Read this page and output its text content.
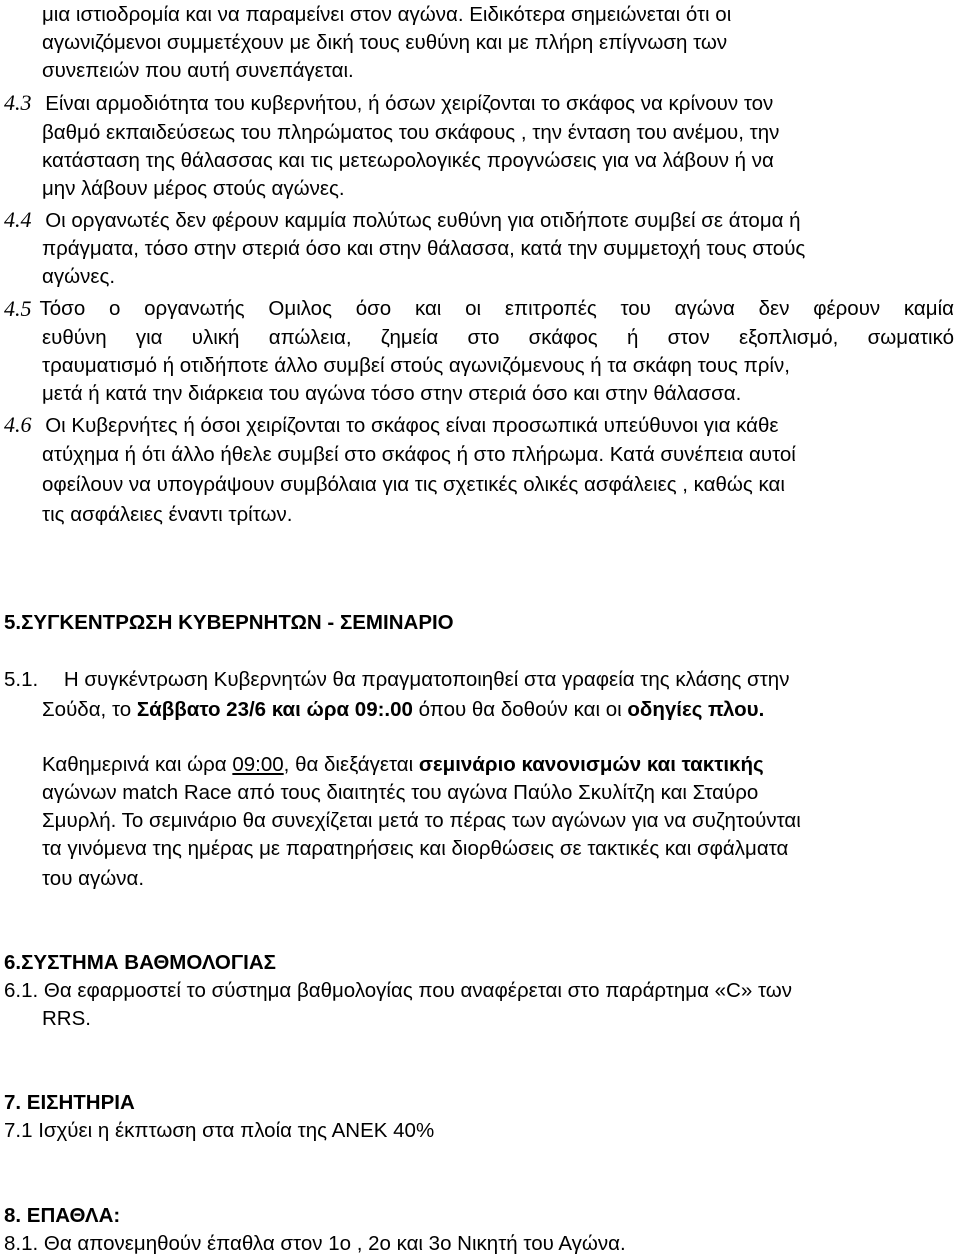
μια ιστιοδρομία και να παραμείνει στον αγώνα. Ειδικότερα σημειώνεται ότι οι
αγωνιζόμενοι συμμετέχουν με δική τους ευθύνη και με πλήρη επίγνωση των
συνεπειών που αυτή συνεπάγεται.
4.3 Είναι αρμοδιότητα του κυβερνήτου, ή όσων χειρίζονται το σκάφος να κρίνουν τον
βαθμό εκπαιδεύσεως του πληρώματος του σκάφους , την ένταση του ανέμου, την
κατάσταση της θάλασσας και τις μετεωρολογικές προγνώσεις για να λάβουν ή να
μην λάβουν μέρος στούς αγώνες.
4.4 Οι οργανωτές δεν φέρουν καμμία πολύτως ευθύνη για οτιδήποτε συμβεί σε άτομα ή
πράγματα, τόσο στην στεριά όσο και στην θάλασσα, κατά την συμμετοχή τους στούς
αγώνες.
4.5 Τόσο ο οργανωτής Ομιλος όσο και οι επιτροπές του αγώνα δεν φέρουν καμία
ευθύνη για υλική απώλεια, ζημεία στο σκάφος ή στον εξοπλισμό, σωματικό
τραυματισμό ή οτιδήποτε άλλο συμβεί στούς αγωνιζόμενους ή τα σκάφη τους πρίν,
μετά ή κατά την διάρκεια του αγώνα τόσο στην στεριά όσο και στην θάλασσα.
4.6 Οι Κυβερνήτες ή όσοι χειρίζονται το σκάφος είναι προσωπικά υπεύθυνοι για κάθε
ατύχημα ή ότι άλλο ήθελε συμβεί στο σκάφος ή στο πλήρωμα. Κατά συνέπεια αυτοί
οφείλουν να υπογράψουν συμβόλαια για τις σχετικές ολικές ασφάλειες , καθώς και
τις ασφάλειες έναντι τρίτων.
5.ΣΥΓΚΕΝΤΡΩΣΗ ΚΥΒΕΡΝΗΤΩΝ - ΣΕΜΙΝΑΡΙΟ
5.1. Η συγκέντρωση Κυβερνητών θα πραγματοποιηθεί στα γραφεία της κλάσης στην
Σούδα, το Σάββατο 23/6 και ώρα 09:.00 όπου θα δοθούν και οι οδηγίες πλου.
Καθημερινά και ώρα 09:00, θα διεξάγεται σεμινάριο κανονισμών και τακτικής
αγώνων match Race από τους διαιτητές του αγώνα Παύλο Σκυλίτζη και Σταύρο
Σμυρλή. Το σεμινάριο θα συνεχίζεται μετά το πέρας των αγώνων για να συζητούνται
τα γινόμενα της ημέρας με παρατηρήσεις και διορθώσεις σε τακτικές και σφάλματα
του αγώνα.
6.ΣΥΣΤΗΜΑ ΒΑΘΜΟΛΟΓΙΑΣ
6.1. Θα εφαρμοστεί το σύστημα βαθμολογίας που αναφέρεται στο παράρτημα «C» των
RRS.
7. ΕΙΣΗΤΗΡΙΑ
7.1 Ισχύει η έκπτωση στα πλοία της ΑΝΕΚ 40%
8. ΕΠΑΘΛΑ:
8.1. Θα απονεμηθούν έπαθλα στον 1ο , 2ο και 3ο Νικητή του Αγώνα.
